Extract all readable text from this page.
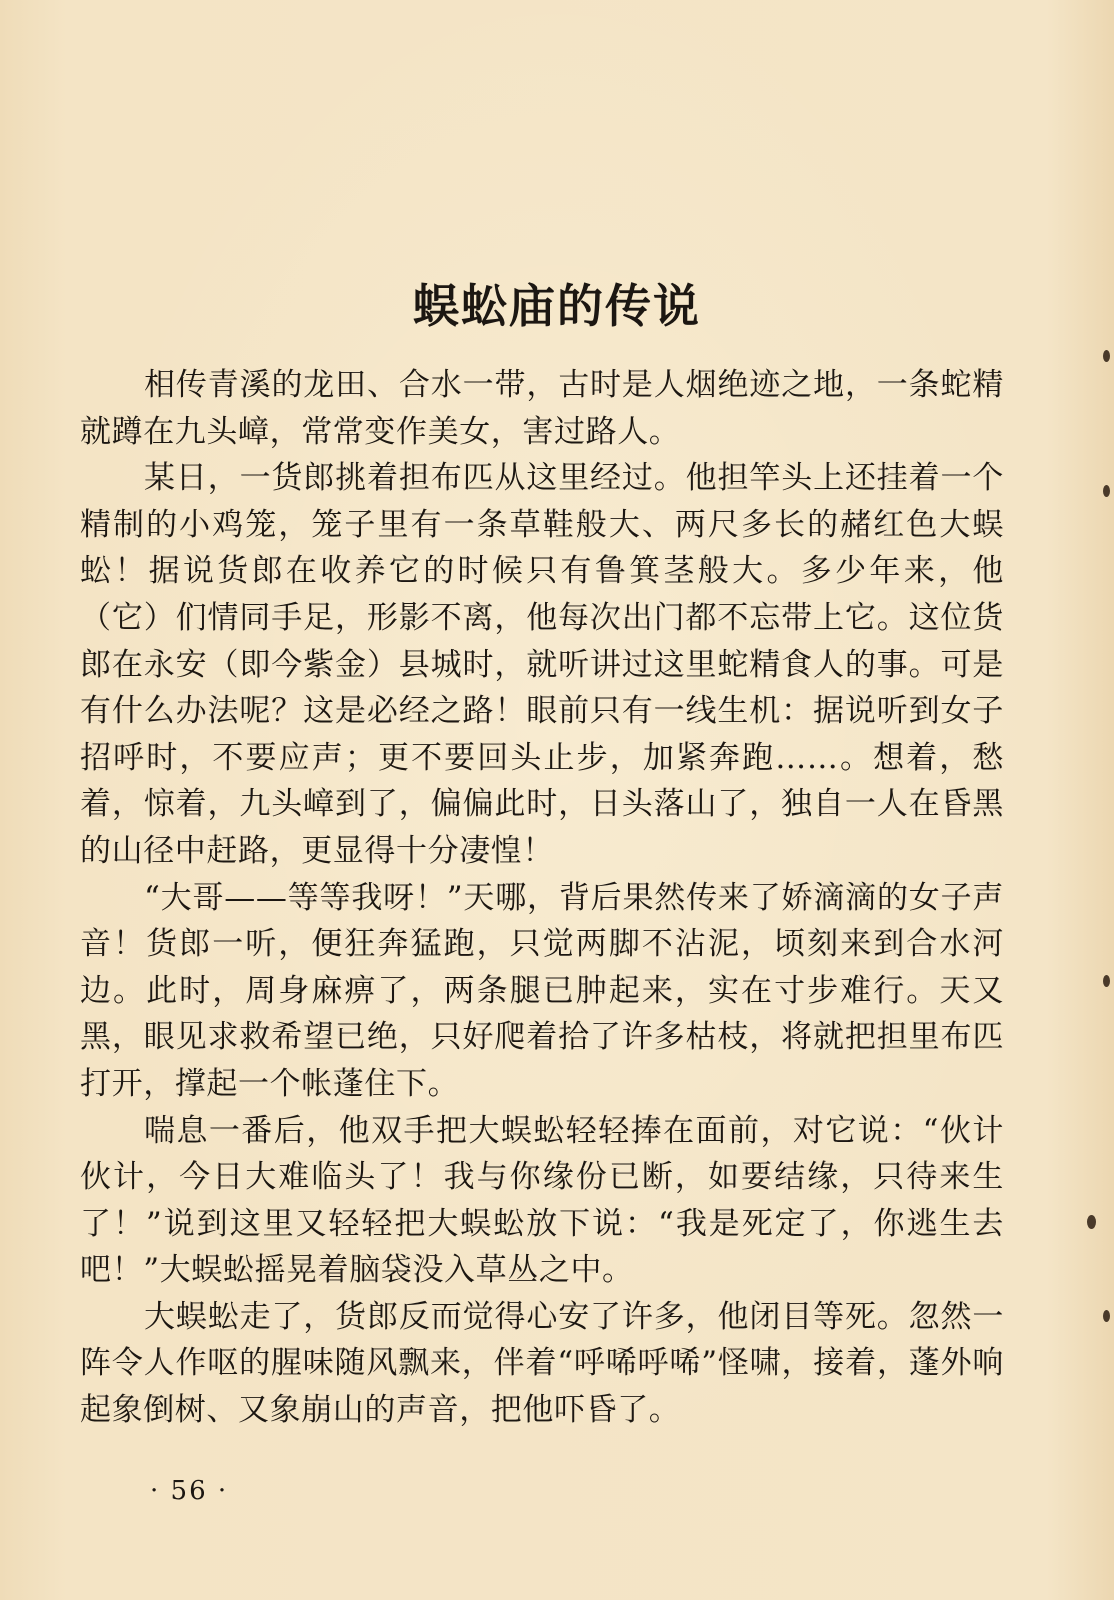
蜈蚣庙的传说

相传青溪的龙田、合水一带，古时是人烟绝迹之地，一条蛇精就蹲在九头嶂，常常变作美女，害过路人。

某日，一货郎挑着担布匹从这里经过。他担竿头上还挂着一个精制的小鸡笼，笼子里有一条草鞋般大、两尺多长的赭红色大蜈蚣！据说货郎在收养它的时候只有鲁箕茎般大。多少年来，他（它）们情同手足，形影不离，他每次出门都不忘带上它。这位货郎在永安（即今紫金）县城时，就听讲过这里蛇精食人的事。可是有什么办法呢？这是必经之路！眼前只有一线生机：据说听到女子招呼时，不要应声；更不要回头止步，加紧奔跑……。想着，愁着，惊着，九头嶂到了，偏偏此时，日头落山了，独自一人在昏黑的山径中赶路，更显得十分凄惶！

“大哥——等等我呀！”天哪，背后果然传来了娇滴滴的女子声音！货郎一听，便狂奔猛跑，只觉两脚不沾泥，顷刻来到合水河边。此时，周身麻痹了，两条腿已肿起来，实在寸步难行。天又黑，眼见求救希望已绝，只好爬着拾了许多枯枝，将就把担里布匹打开，撑起一个帐蓬住下。

喘息一番后，他双手把大蜈蚣轻轻捧在面前，对它说：“伙计伙计，今日大难临头了！我与你缘份已断，如要结缘，只待来生了！”说到这里又轻轻把大蜈蚣放下说：“我是死定了，你逃生去吧！”大蜈蚣摇晃着脑袋没入草丛之中。

大蜈蚣走了，货郎反而觉得心安了许多，他闭目等死。忽然一阵令人作呕的腥味随风飘来，伴着“呼唏呼唏”怪啸，接着，蓬外响起象倒树、又象崩山的声音，把他吓昏了。

· 56 ·
